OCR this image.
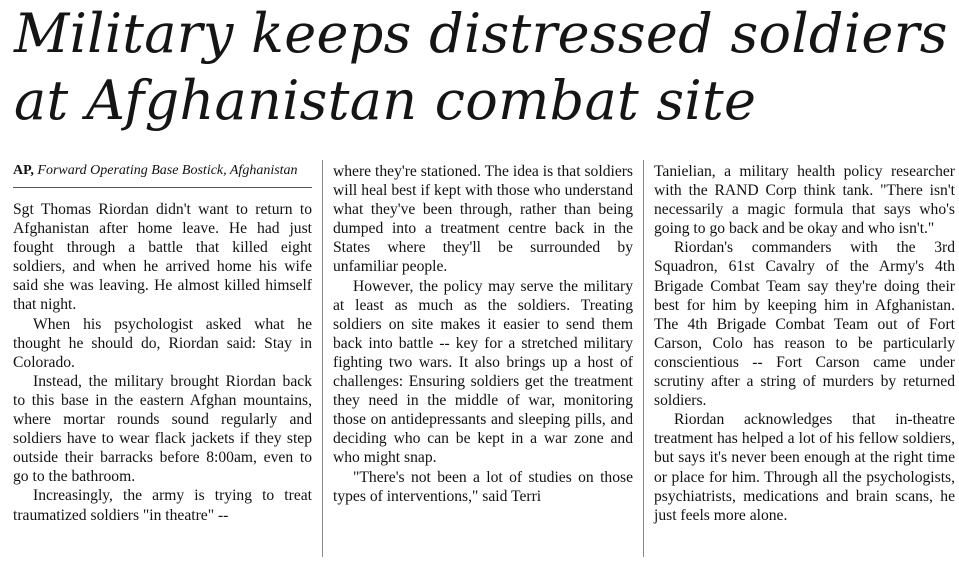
Military keeps distressed soldiers at Afghanistan combat site
AP, Forward Operating Base Bostick, Afghanistan

Sgt Thomas Riordan didn't want to return to Afghanistan after home leave. He had just fought through a battle that killed eight soldiers, and when he arrived home his wife said she was leaving. He almost killed himself that night.

When his psychologist asked what he thought he should do, Riordan said: Stay in Colorado.

Instead, the military brought Riordan back to this base in the eastern Afghan mountains, where mortar rounds sound regularly and soldiers have to wear flack jackets if they step outside their barracks before 8:00am, even to go to the bathroom.

Increasingly, the army is trying to treat traumatized soldiers "in theatre" --

where they're stationed. The idea is that soldiers will heal best if kept with those who understand what they've been through, rather than being dumped into a treatment centre back in the States where they'll be surrounded by unfamiliar people.

However, the policy may serve the military at least as much as the soldiers. Treating soldiers on site makes it easier to send them back into battle -- key for a stretched military fighting two wars. It also brings up a host of challenges: Ensuring soldiers get the treatment they need in the middle of war, monitoring those on antidepressants and sleeping pills, and deciding who can be kept in a war zone and who might snap.

"There's not been a lot of studies on those types of interventions," said Terri

Tanielian, a military health policy researcher with the RAND Corp think tank. "There isn't necessarily a magic formula that says who's going to go back and be okay and who isn't."

Riordan's commanders with the 3rd Squadron, 61st Cavalry of the Army's 4th Brigade Combat Team say they're doing their best for him by keeping him in Afghanistan. The 4th Brigade Combat Team out of Fort Carson, Colo has reason to be particularly conscientious -- Fort Carson came under scrutiny after a string of murders by returned soldiers.

Riordan acknowledges that in-theatre treatment has helped a lot of his fellow soldiers, but says it's never been enough at the right time or place for him. Through all the psychologists, psychiatrists, medications and brain scans, he just feels more alone.
